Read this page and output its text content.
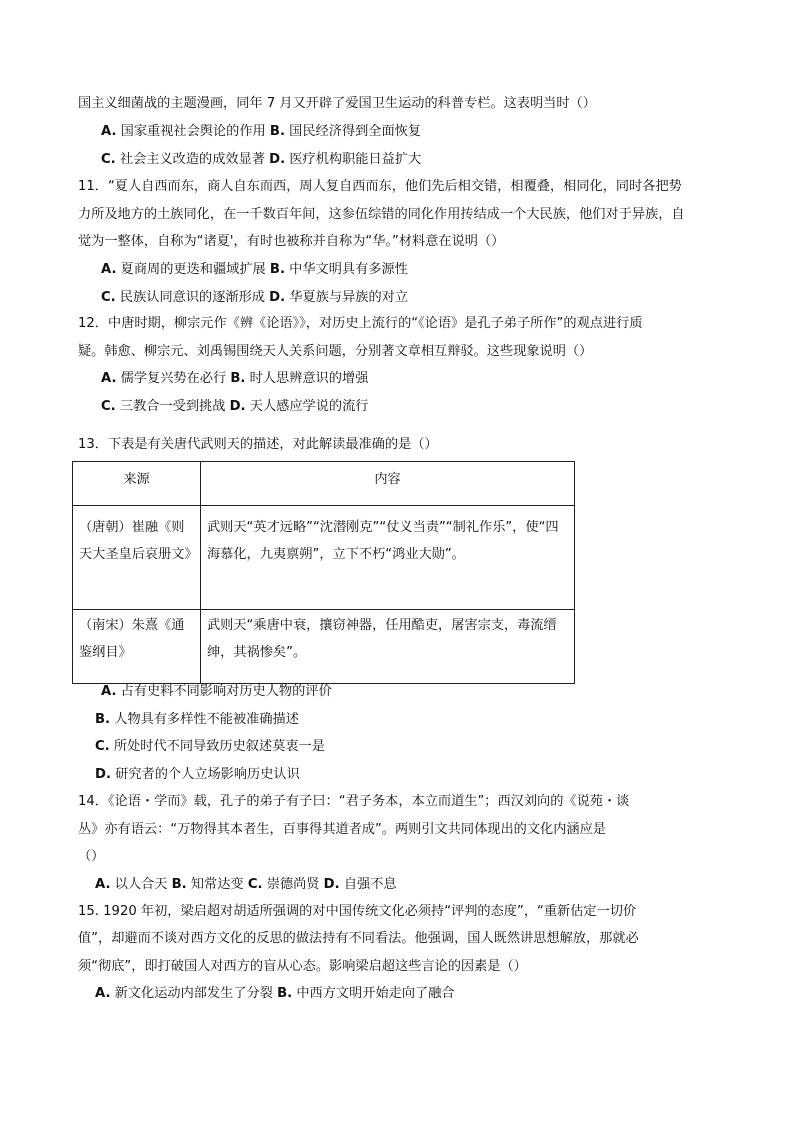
国主义细菌战的主题漫画，同年 7 月又开辟了爱国卫生运动的科普专栏。这表明当时（）
A. 国家重视社会舆论的作用 B. 国民经济得到全面恢复
C. 社会主义改造的成效显著 D. 医疗机构职能日益扩大
11．“夏人自西而东，商人自东而西，周人复自西而东，他们先后相交错，相覆叠，相同化，同时各把势
力所及地方的土族同化，在一千数百年间，这参伍综错的同化作用抟结成一个大民族，他们对于异族，自
觉为一整体，自称为“诸夏'，有时也被称并自称为“华。”材料意在说明（）
A. 夏商周的更迭和疆域扩展 B. 中华文明具有多源性
C. 民族认同意识的逐渐形成 D. 华夏族与异族的对立
12．中唐时期，柳宗元作《辨《论语》》，对历史上流行的“《论语》是孔子弟子所作”的观点进行质
疑。韩愈、柳宗元、刘禹锡围绕天人关系问题，分别著文章相互辩驳。这些现象说明（）
A. 儒学复兴势在必行 B. 时人思辨意识的增强
C. 三教合一受到挑战 D. 天人感应学说的流行
13．下表是有关唐代武则天的描述，对此解读最准确的是（）
来源	内容

（唐朝）崔融《则天大圣皇后哀册文》	武则天“英才远略”“沈潜刚克”“仗义当责”“制礼作乐”，使“四海慕化，九夷禀朔”，立下不朽“鸿业大勋”。

（南宋）朱熹《通鉴纲目》	武则天“乘唐中衰，攘窃神器，任用酷吏，屠害宗支，毒流缙绅，其祸惨矣”。
A. 占有史料不同影响对历史人物的评价
B. 人物具有多样性不能被准确描述
C. 所处时代不同导致历史叙述莫衷一是
D. 研究者的个人立场影响历史认识
14．《论语・学而》载，孔子的弟子有子曰：“君子务本，本立而道生”；西汉刘向的《说苑・谈
丛》亦有语云：“万物得其本者生，百事得其道者成”。两则引文共同体现出的文化内涵应是
（）
A. 以人合天 B. 知常达变 C. 崇德尚贤 D. 自强不息
15. 1920 年初，梁启超对胡适所强调的对中国传统文化必须持“评判的态度”，“重新估定一切价
值”，却避而不谈对西方文化的反思的做法持有不同看法。他强调，国人既然讲思想解放，那就必
须“彻底”，即打破国人对西方的盲从心态。影响梁启超这些言论的因素是（）
A. 新文化运动内部发生了分裂 B. 中西方文明开始走向了融合
